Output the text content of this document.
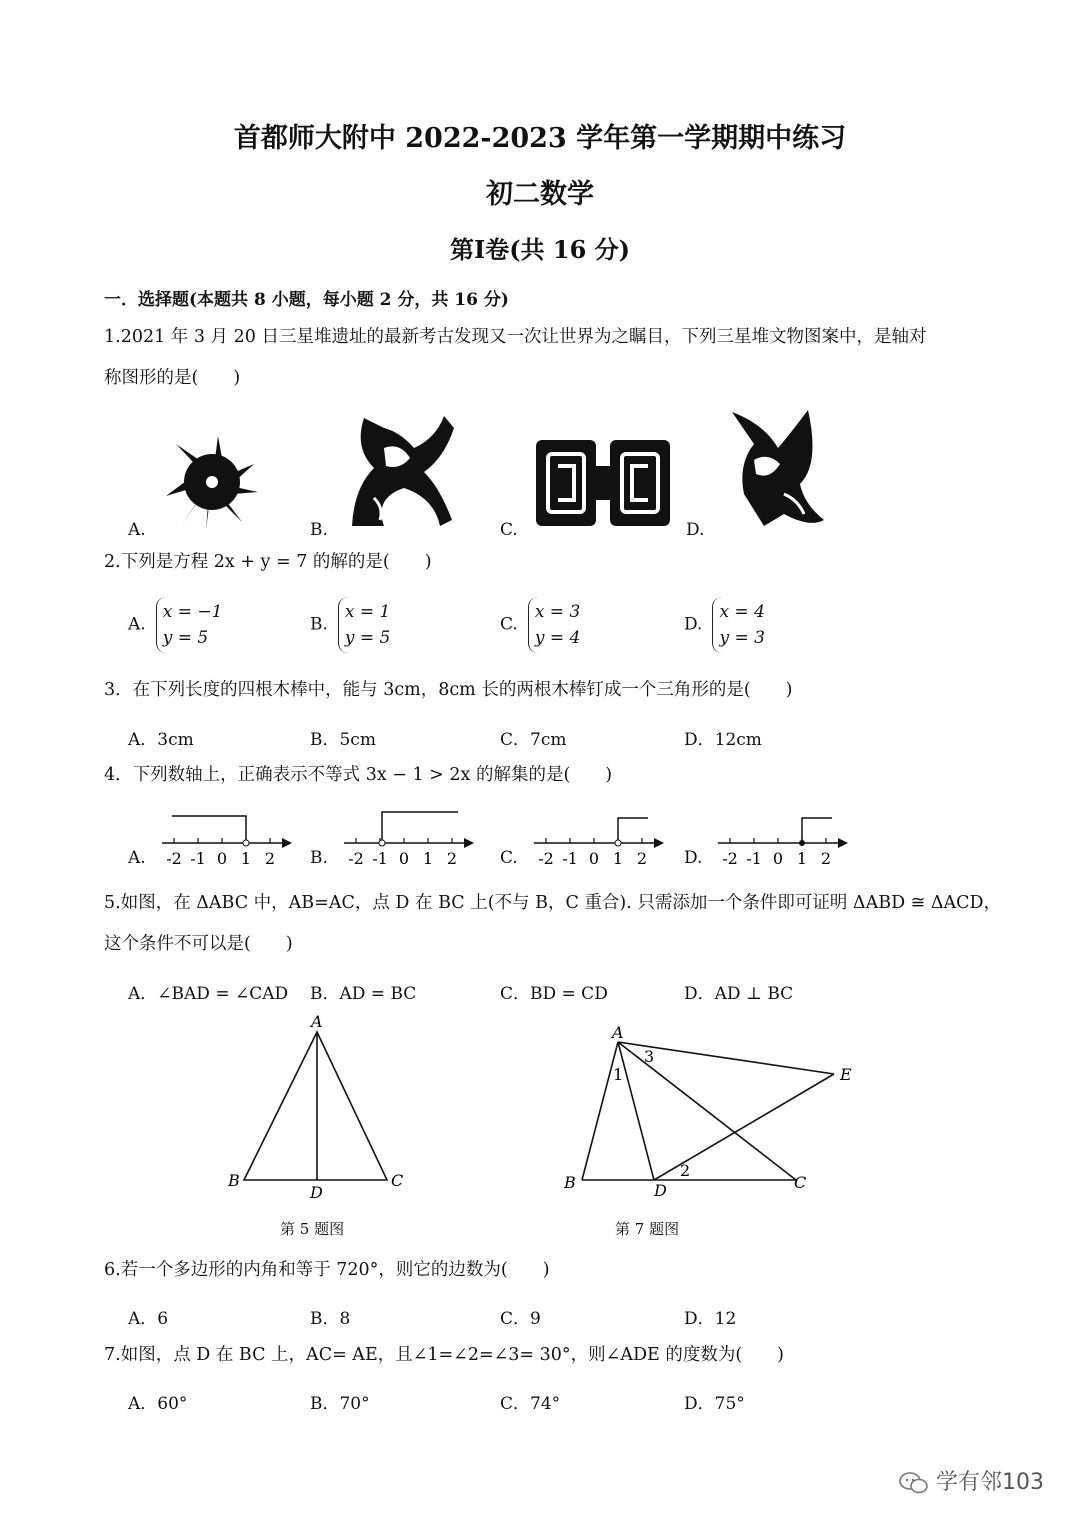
首都师大附中 2022-2023 学年第一学期期中练习
初二数学
第Ⅰ卷(共 16 分)
一．选择题(本题共 8 小题，每小题 2 分，共 16 分)
1.2021 年 3 月 20 日三星堆遗址的最新考古发现又一次让世界为之瞩目，下列三星堆文物图案中，是轴对
称图形的是(　　)
A.	B.	C.	D.
2.下列是方程 2x + y = 7 的解的是(　　)
A.
x = −1
y = 5
B.
x = 1
y = 5
C.
x = 3
y = 4
D.
x = 4
y = 3
3．在下列长度的四根木棒中，能与 3cm，8cm 长的两根木棒钉成一个三角形的是(　　)
A．3cm	B．5cm	C．7cm	D．12cm
4．下列数轴上，正确表示不等式 3x − 1 > 2x 的解集的是(　　)
A.	B.	C.	D.
-2 -1 0 1 2	-2 -1 0 1 2	-2 -1 0 1 2	-2 -1 0 1 2
5.如图，在 ΔABC 中，AB=AC，点 D 在 BC 上(不与 B，C 重合). 只需添加一个条件即可证明 ΔABD ≅ ΔACD，
这个条件不可以是(　　)
A．∠BAD = ∠CAD B．AD = BC	C．BD = CD	D．AD ⊥ BC
A
B	C
D
第 5 题图
A
B	C
D
E
1
2
3
第 7 题图
6.若一个多边形的内角和等于 720°，则它的边数为(　　)
A．6	B．8	C．9	D．12
7.如图，点 D 在 BC 上，AC= AE，且∠1=∠2=∠3= 30°，则∠ADE 的度数为(　　)
A．60°	B．70°	C．74°	D．75°
学有邻103
